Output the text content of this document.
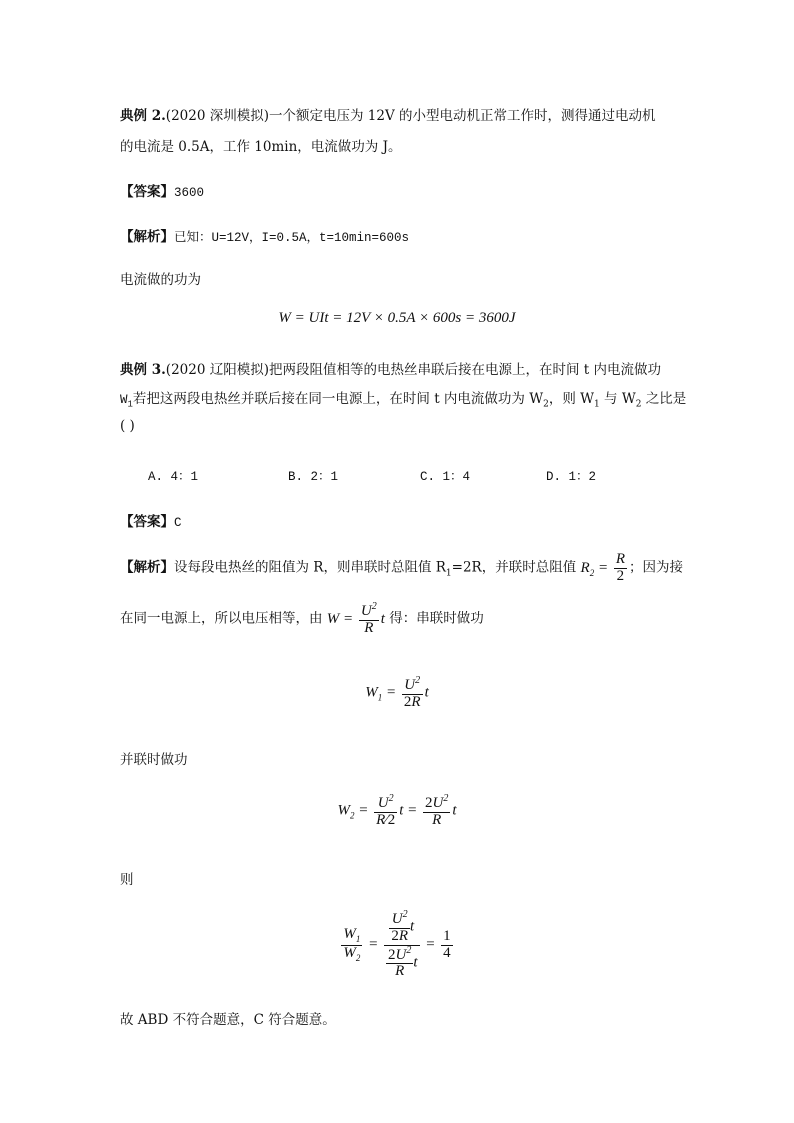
典例 2.(2020 深圳模拟)一个额定电压为 12V 的小型电动机正常工作时，测得通过电动机
的电流是 0.5A，工作 10min，电流做功为 J。
【答案】3600
【解析】已知：U=12V，I=0.5A，t=10min=600s
电流做的功为
W = UIt = 12V × 0.5A × 600s = 3600J
典例 3.(2020 辽阳模拟)把两段阻值相等的电热丝串联后接在电源上，在时间 t 内电流做功
$W_1$若把这两段电热丝并联后接在同一电源上，在时间 t 内电流做功为 $W_2$，则 $W_1$ 与 $W_2$ 之比是
( )
A. 4：1	B. 2：1	C. 1：4	D. 1：2
【答案】C
【解析】设每段电热丝的阻值为 R，则串联时总阻值 $R_1=2R$，并联时总阻值 $R_2 = \frac{R}{2}$ ；因为接
在同一电源上，所以电压相等，由 $W = \frac{U^2}{R}$ t 得：串联时做功
$W_1 = \frac{U^2}{2R}$ t
并联时做功
$W_2 = \frac{U^2}{R⁄2}$ $t = \frac{2U^2}{R}$ t
则
$\frac{W_1}{W_2} = \frac{\frac{U^2}{2R} t}{\frac{2U^2}{R} t} = \frac{1}{4}$
故 ABD 不符合题意，C 符合题意。
